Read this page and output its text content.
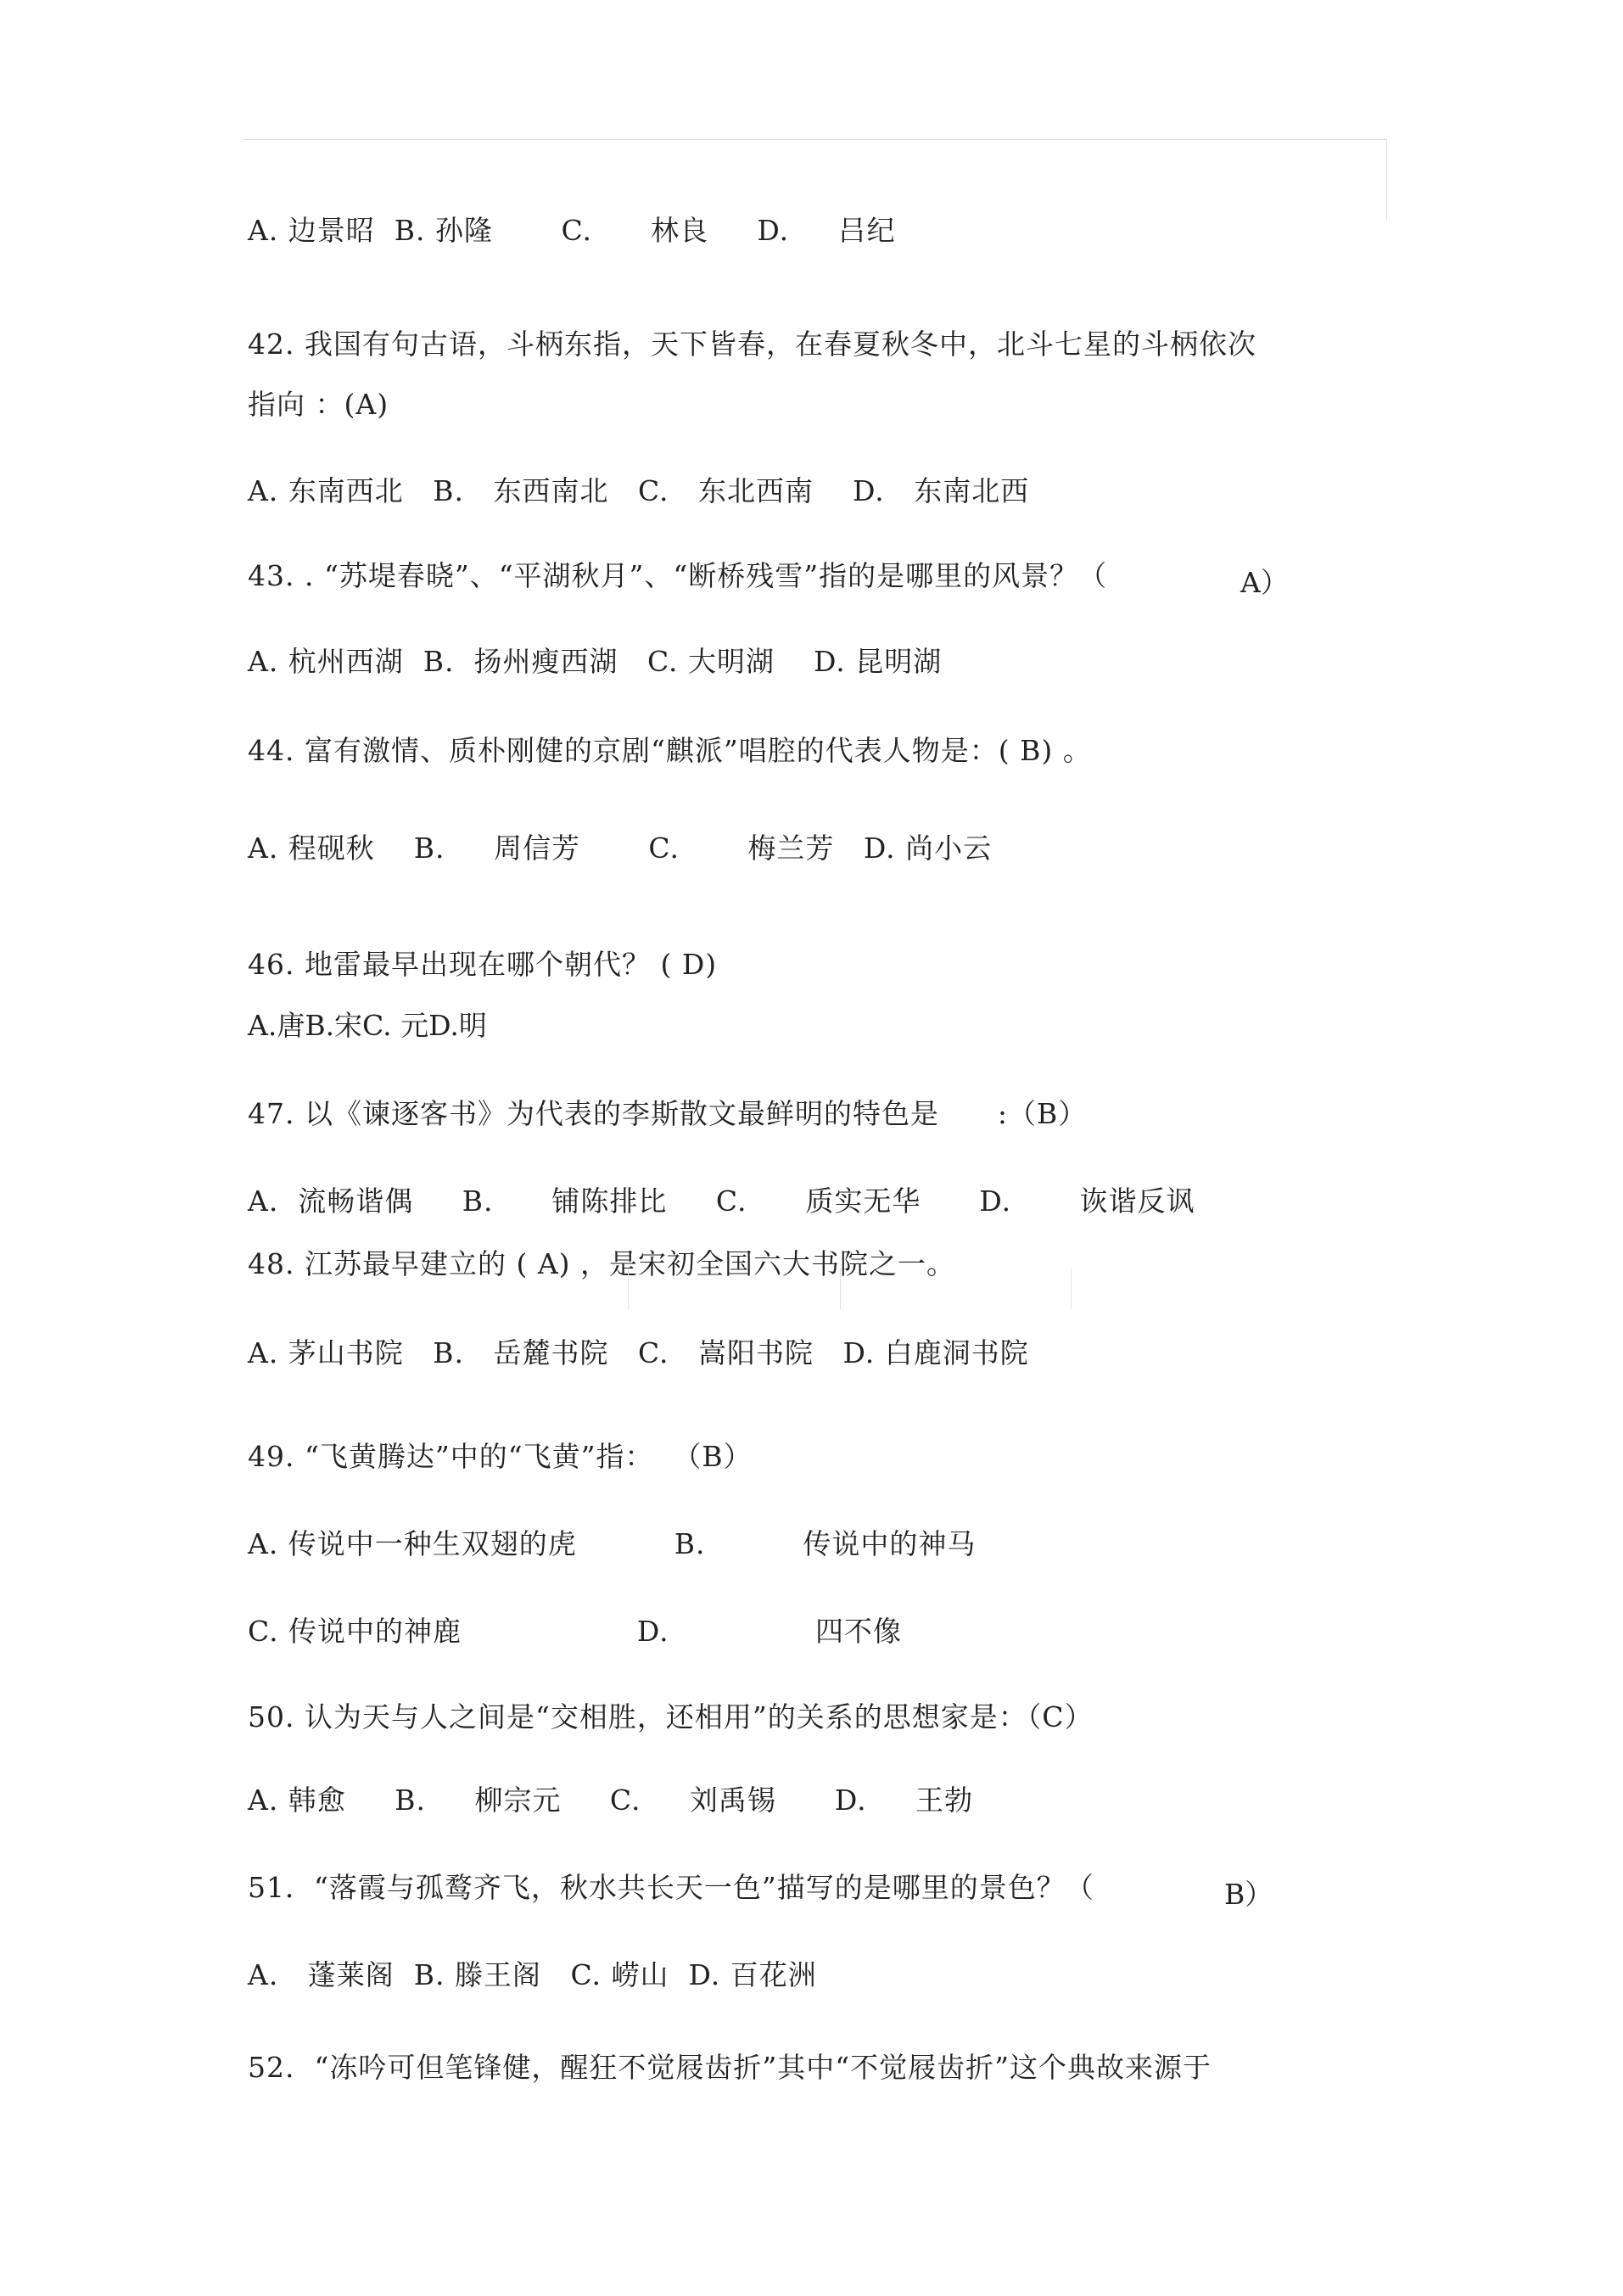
A. 边景昭  B. 孙隆       C.      林良     D.     吕纪
42. 我国有句古语，斗柄东指，天下皆春，在春夏秋冬中，北斗七星的斗柄依次
指向 ：(A)
A. 东南西北   B.   东西南北   C.   东北西南    D.   东南北西
43. . “苏堤春晓”、“平湖秋月”、“断桥残雪”指的是哪里的风景？（	A）
A. 杭州西湖  B.  扬州瘦西湖   C. 大明湖    D. 昆明湖
44. 富有激情、质朴刚健的京剧“麒派”唱腔的代表人物是：( B) 。
A. 程砚秋    B.     周信芳       C.       梅兰芳   D. 尚小云
46. 地雷最早出现在哪个朝代？ ( D)
A.唐B.宋C. 元D.明
47. 以《谏逐客书》为代表的李斯散文最鲜明的特色是      :（B）
A.  流畅谐偶     B.      铺陈排比     C.      质实无华      D.       诙谐反讽
48. 江苏最早建立的 ( A) ，是宋初全国六大书院之一。
A. 茅山书院   B.   岳麓书院   C.   嵩阳书院   D. 白鹿洞书院
49. “飞黄腾达”中的“飞黄”指：  （B）
A. 传说中一种生双翅的虎          B.          传说中的神马
C. 传说中的神鹿                  D.               四不像
50. 认为天与人之间是“交相胜，还相用”的关系的思想家是：（C）
A. 韩愈     B.     柳宗元     C.     刘禹锡      D.     王勃
51．“落霞与孤鹜齐飞，秋水共长天一色”描写的是哪里的景色？（	B）
A.   蓬莱阁  B. 滕王阁   C. 崂山  D. 百花洲
52.  “冻吟可但笔锋健，醒狂不觉屐齿折”其中“不觉屐齿折”这个典故来源于
